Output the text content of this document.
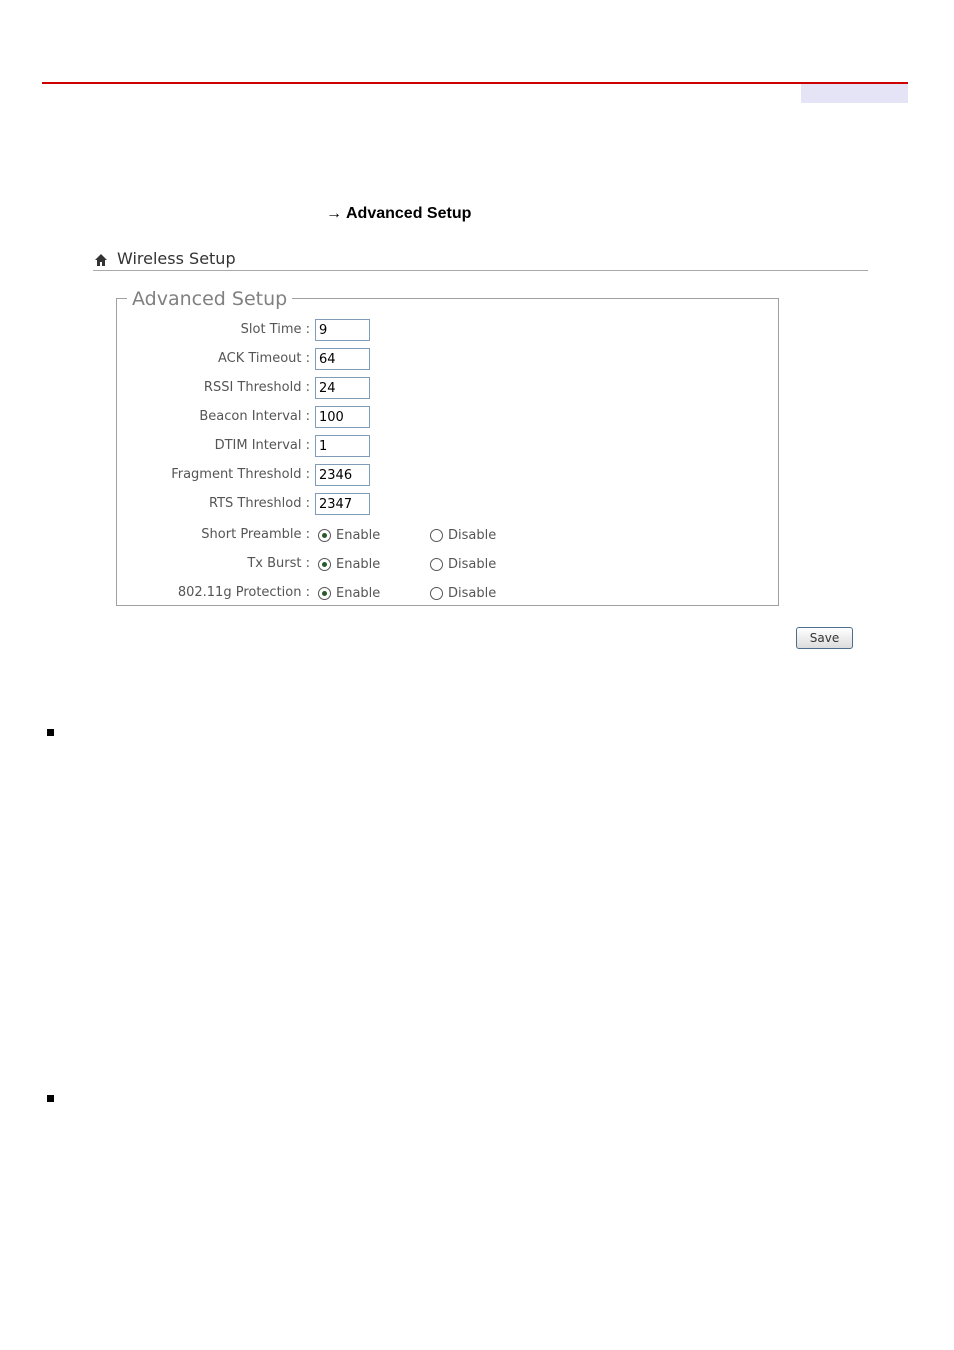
→ Advanced Setup
Wireless Setup
Advanced Setup
Slot Time :
9
ACK Timeout :
64
RSSI Threshold :
24
Beacon Interval :
100
DTIM Interval :
1
Fragment Threshold :
2346
RTS Threshlod :
2347
Short Preamble : Enable	Disable
Tx Burst : Enable	Disable
802.11g Protection : Enable	Disable
Save
